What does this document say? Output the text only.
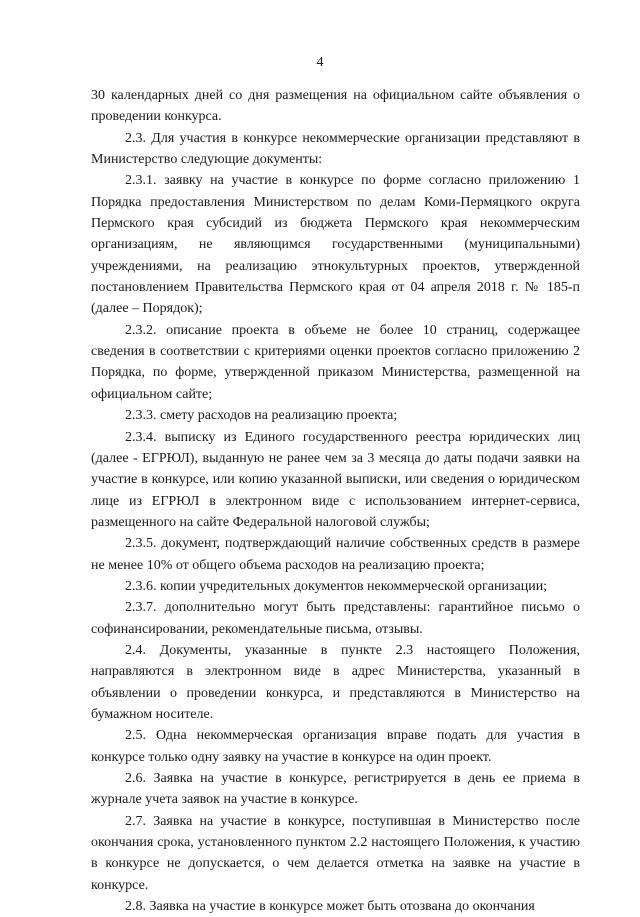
4

30 календарных дней со дня размещения на официальном сайте объявления о проведении конкурса.

2.3. Для участия в конкурсе некоммерческие организации представляют в Министерство следующие документы:

2.3.1. заявку на участие в конкурсе по форме согласно приложению 1 Порядка предоставления Министерством по делам Коми-Пермяцкого округа Пермского края субсидий из бюджета Пермского края некоммерческим организациям, не являющимся государственными (муниципальными) учреждениями, на реализацию этнокультурных проектов, утвержденной постановлением Правительства Пермского края от 04 апреля 2018 г. № 185-п (далее – Порядок);

2.3.2. описание проекта в объеме не более 10 страниц, содержащее сведения в соответствии с критериями оценки проектов согласно приложению 2 Порядка, по форме, утвержденной приказом Министерства, размещенной на официальном сайте;

2.3.3. смету расходов на реализацию проекта;

2.3.4. выписку из Единого государственного реестра юридических лиц (далее - ЕГРЮЛ), выданную не ранее чем за 3 месяца до даты подачи заявки на участие в конкурсе, или копию указанной выписки, или сведения о юридическом лице из ЕГРЮЛ в электронном виде с использованием интернет-сервиса, размещенного на сайте Федеральной налоговой службы;

2.3.5. документ, подтверждающий наличие собственных средств в размере не менее 10% от общего объема расходов на реализацию проекта;

2.3.6. копии учредительных документов некоммерческой организации;

2.3.7. дополнительно могут быть представлены: гарантийное письмо о софинансировании, рекомендательные письма, отзывы.

2.4. Документы, указанные в пункте 2.3 настоящего Положения, направляются в электронном виде в адрес Министерства, указанный в объявлении о проведении конкурса, и представляются в Министерство на бумажном носителе.

2.5. Одна некоммерческая организация вправе подать для участия в конкурсе только одну заявку на участие в конкурсе на один проект.

2.6. Заявка на участие в конкурсе, регистрируется в день ее приема в журнале учета заявок на участие в конкурсе.

2.7. Заявка на участие в конкурсе, поступившая в Министерство после окончания срока, установленного пунктом 2.2 настоящего Положения, к участию в конкурсе не допускается, о чем делается отметка на заявке на участие в конкурсе.

2.8. Заявка на участие в конкурсе может быть отозвана до окончания
